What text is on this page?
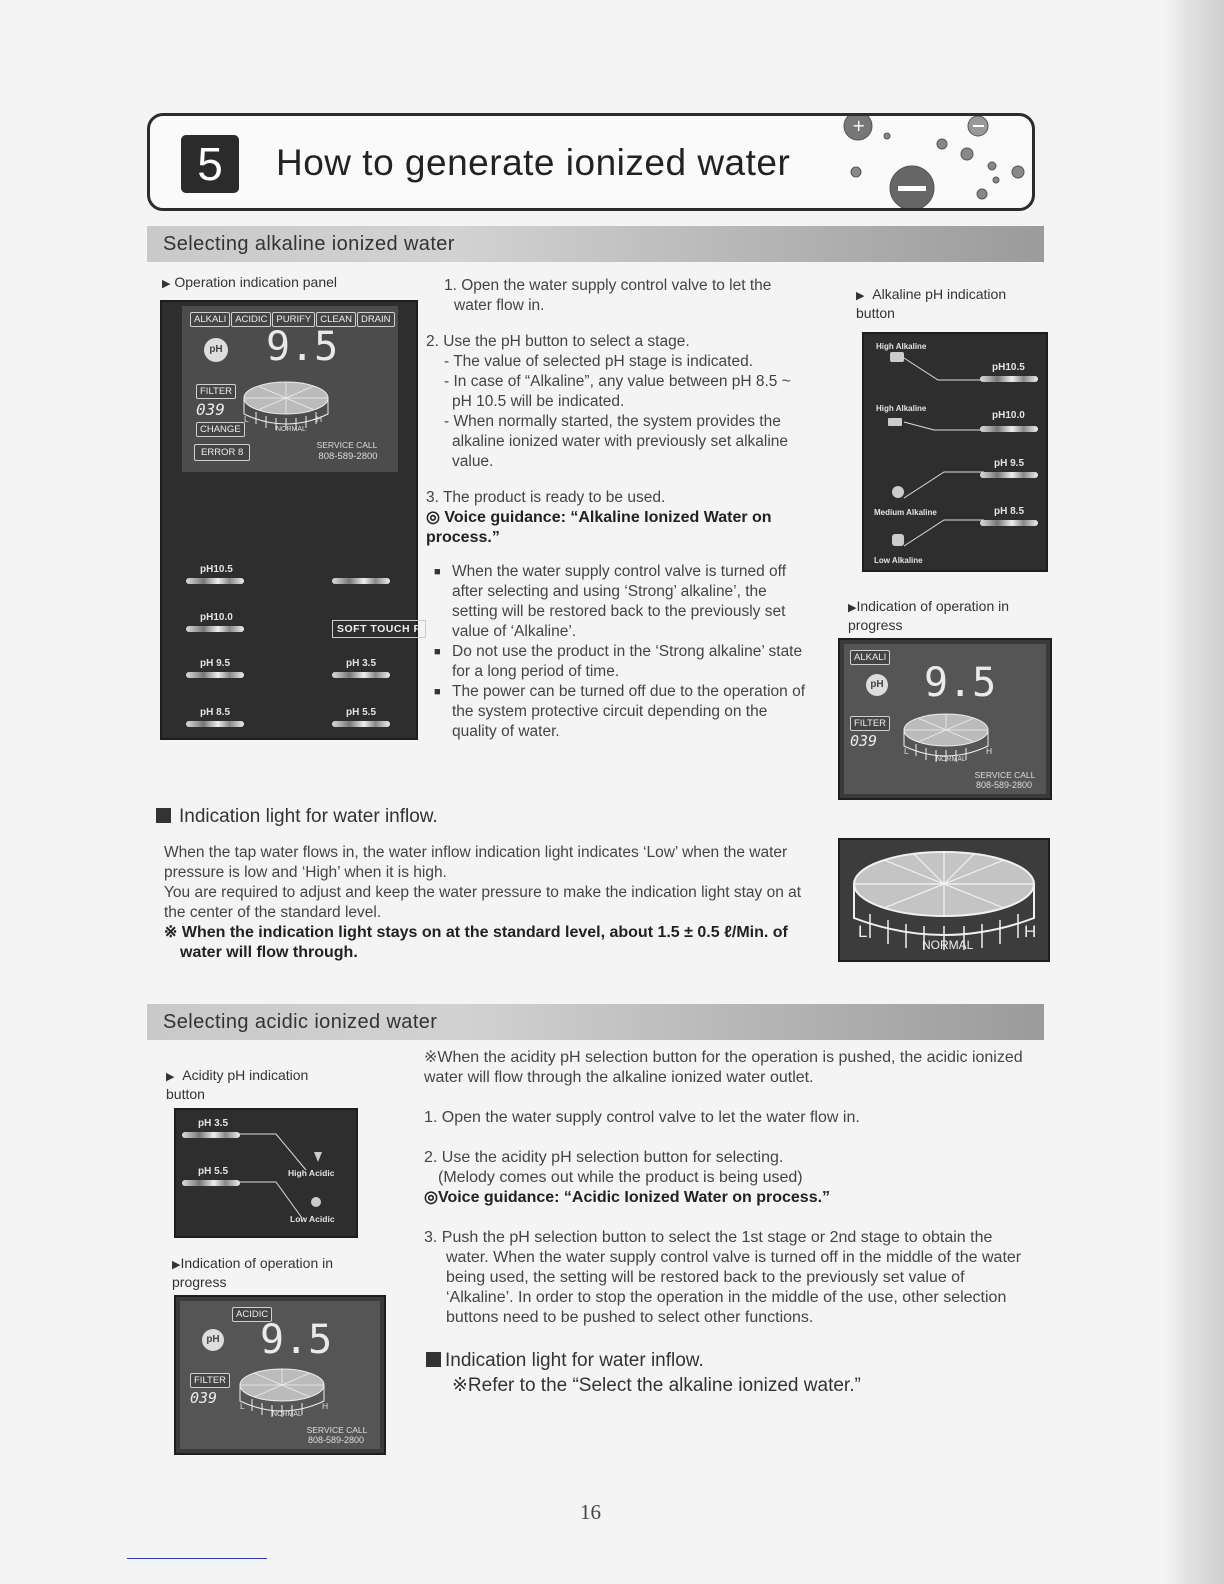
5	How to generate ionized water
+
Selecting alkaline ionized water
▶ Operation indication panel
ALKALI ACIDIC PURIFY CLEAN DRAIN
pH 9.5
FILTER
039
CHANGE
L
NORMAL
H
ERROR 8
SERVICE CALL
808-589-2800
pH10.5
pH10.0
pH 9.5
pH 8.5
SOFT TOUCH P
pH 3.5
pH 5.5

1. Open the water supply control valve to let the water flow in.

2. Use the pH button to select a stage.

- The value of selected pH stage is indicated.

- In case of “Alkaline”, any value between pH 8.5 ~ pH 10.5 will be indicated.

- When normally started, the system provides the alkaline ionized water with previously set alkaline value.

3. The product is ready to be used.

◎ Voice guidance: “Alkaline Ionized Water on process.”

■ When the water supply control valve is turned off after selecting and using ‘Strong’ alkaline’, the setting will be restored back to the previously set value of ‘Alkaline’.

■ Do not use the product in the ‘Strong alkaline’ state for a long period of time.

■ The power can be turned off due to the operation of the system protective circuit depending on the quality of water.

▶ Alkaline pH indication button
High Alkaline
High Alkaline
Medium Alkaline
Low Alkaline
pH10.5
pH10.0
pH 9.5
pH 8.5
▶Indication of operation in progress
ALKALI
pH 9.5
FILTER
039
L
NORMAL
H
SERVICE CALL
808-589-2800
Indication light for water inflow.

When the tap water flows in, the water inflow indication light indicates ‘Low’ when the water pressure is low and ‘High’ when it is high.

You are required to adjust and keep the water pressure to make the indication light stay on at the center of the standard level.

※ When the indication light stays on at the standard level, about 1.5 ± 0.5 ℓ/Min. of water will flow through.

L
NORMAL
H
Selecting acidic ionized water
▶ Acidity pH indication button
pH 3.5
pH 5.5	High Acidic
Low Acidic
▶Indication of operation in progress
ACIDIC
pH 9.5
FILTER
039	L
NORMAL
H
SERVICE CALL
808-589-2800

※When the acidity pH selection button for the operation is pushed, the acidic ionized water will flow through the alkaline ionized water outlet.

1. Open the water supply control valve to let the water flow in.

2. Use the acidity pH selection button for selecting.

(Melody comes out while the product is being used)

◎Voice guidance: “Acidic Ionized Water on process.”

3. Push the pH selection button to select the 1st stage or 2nd stage to obtain the water. When the water supply control valve is turned off in the middle of the water being used, the setting will be restored back to the previously set value of ‘Alkaline’. In order to stop the operation in the middle of the use, other selection buttons need to be pushed to select other functions.

Indication light for water inflow.
※Refer to the “Select the alkaline ionized water.”
16
